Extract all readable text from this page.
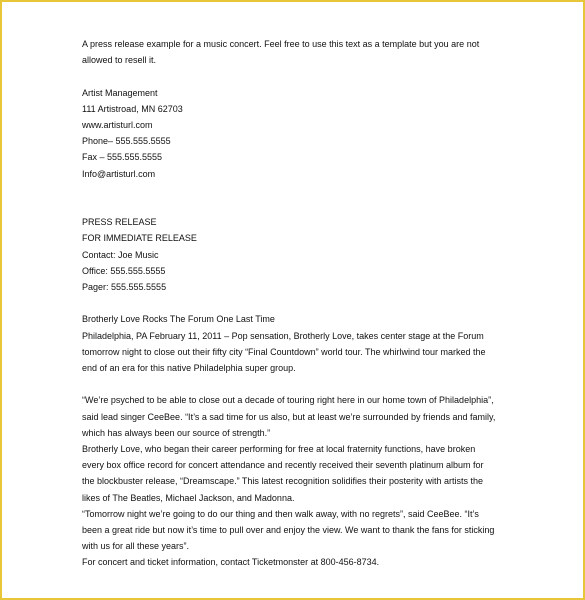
A press release example for a music concert. Feel free to use this text as a template but you are not
allowed to resell it.
Artist Management
111 Artistroad, MN 62703
www.artisturl.com
Phone– 555.555.5555
Fax – 555.555.5555
Info@artisturl.com
PRESS RELEASE
FOR IMMEDIATE RELEASE
Contact: Joe Music
Office: 555.555.5555
Pager: 555.555.5555
Brotherly Love Rocks The Forum One Last Time
Philadelphia, PA February 11, 2011 – Pop sensation, Brotherly Love, takes center stage at the Forum
tomorrow night to close out their fifty city “Final Countdown” world tour. The whirlwind tour marked the
end of an era for this native Philadelphia super group.
“We’re psyched to be able to close out a decade of touring right here in our home town of Philadelphia”,
said lead singer CeeBee. “It’s a sad time for us also, but at least we’re surrounded by friends and family,
which has always been our source of strength.”
Brotherly Love, who began their career performing for free at local fraternity functions, have broken
every box office record for concert attendance and recently received their seventh platinum album for
the blockbuster release, “Dreamscape.” This latest recognition solidifies their posterity with artists the
likes of The Beatles, Michael Jackson, and Madonna.
“Tomorrow night we’re going to do our thing and then walk away, with no regrets”, said CeeBee. “It’s
been a great ride but now it’s time to pull over and enjoy the view. We want to thank the fans for sticking
with us for all these years”.
For concert and ticket information, contact Ticketmonster at 800-456-8734.
